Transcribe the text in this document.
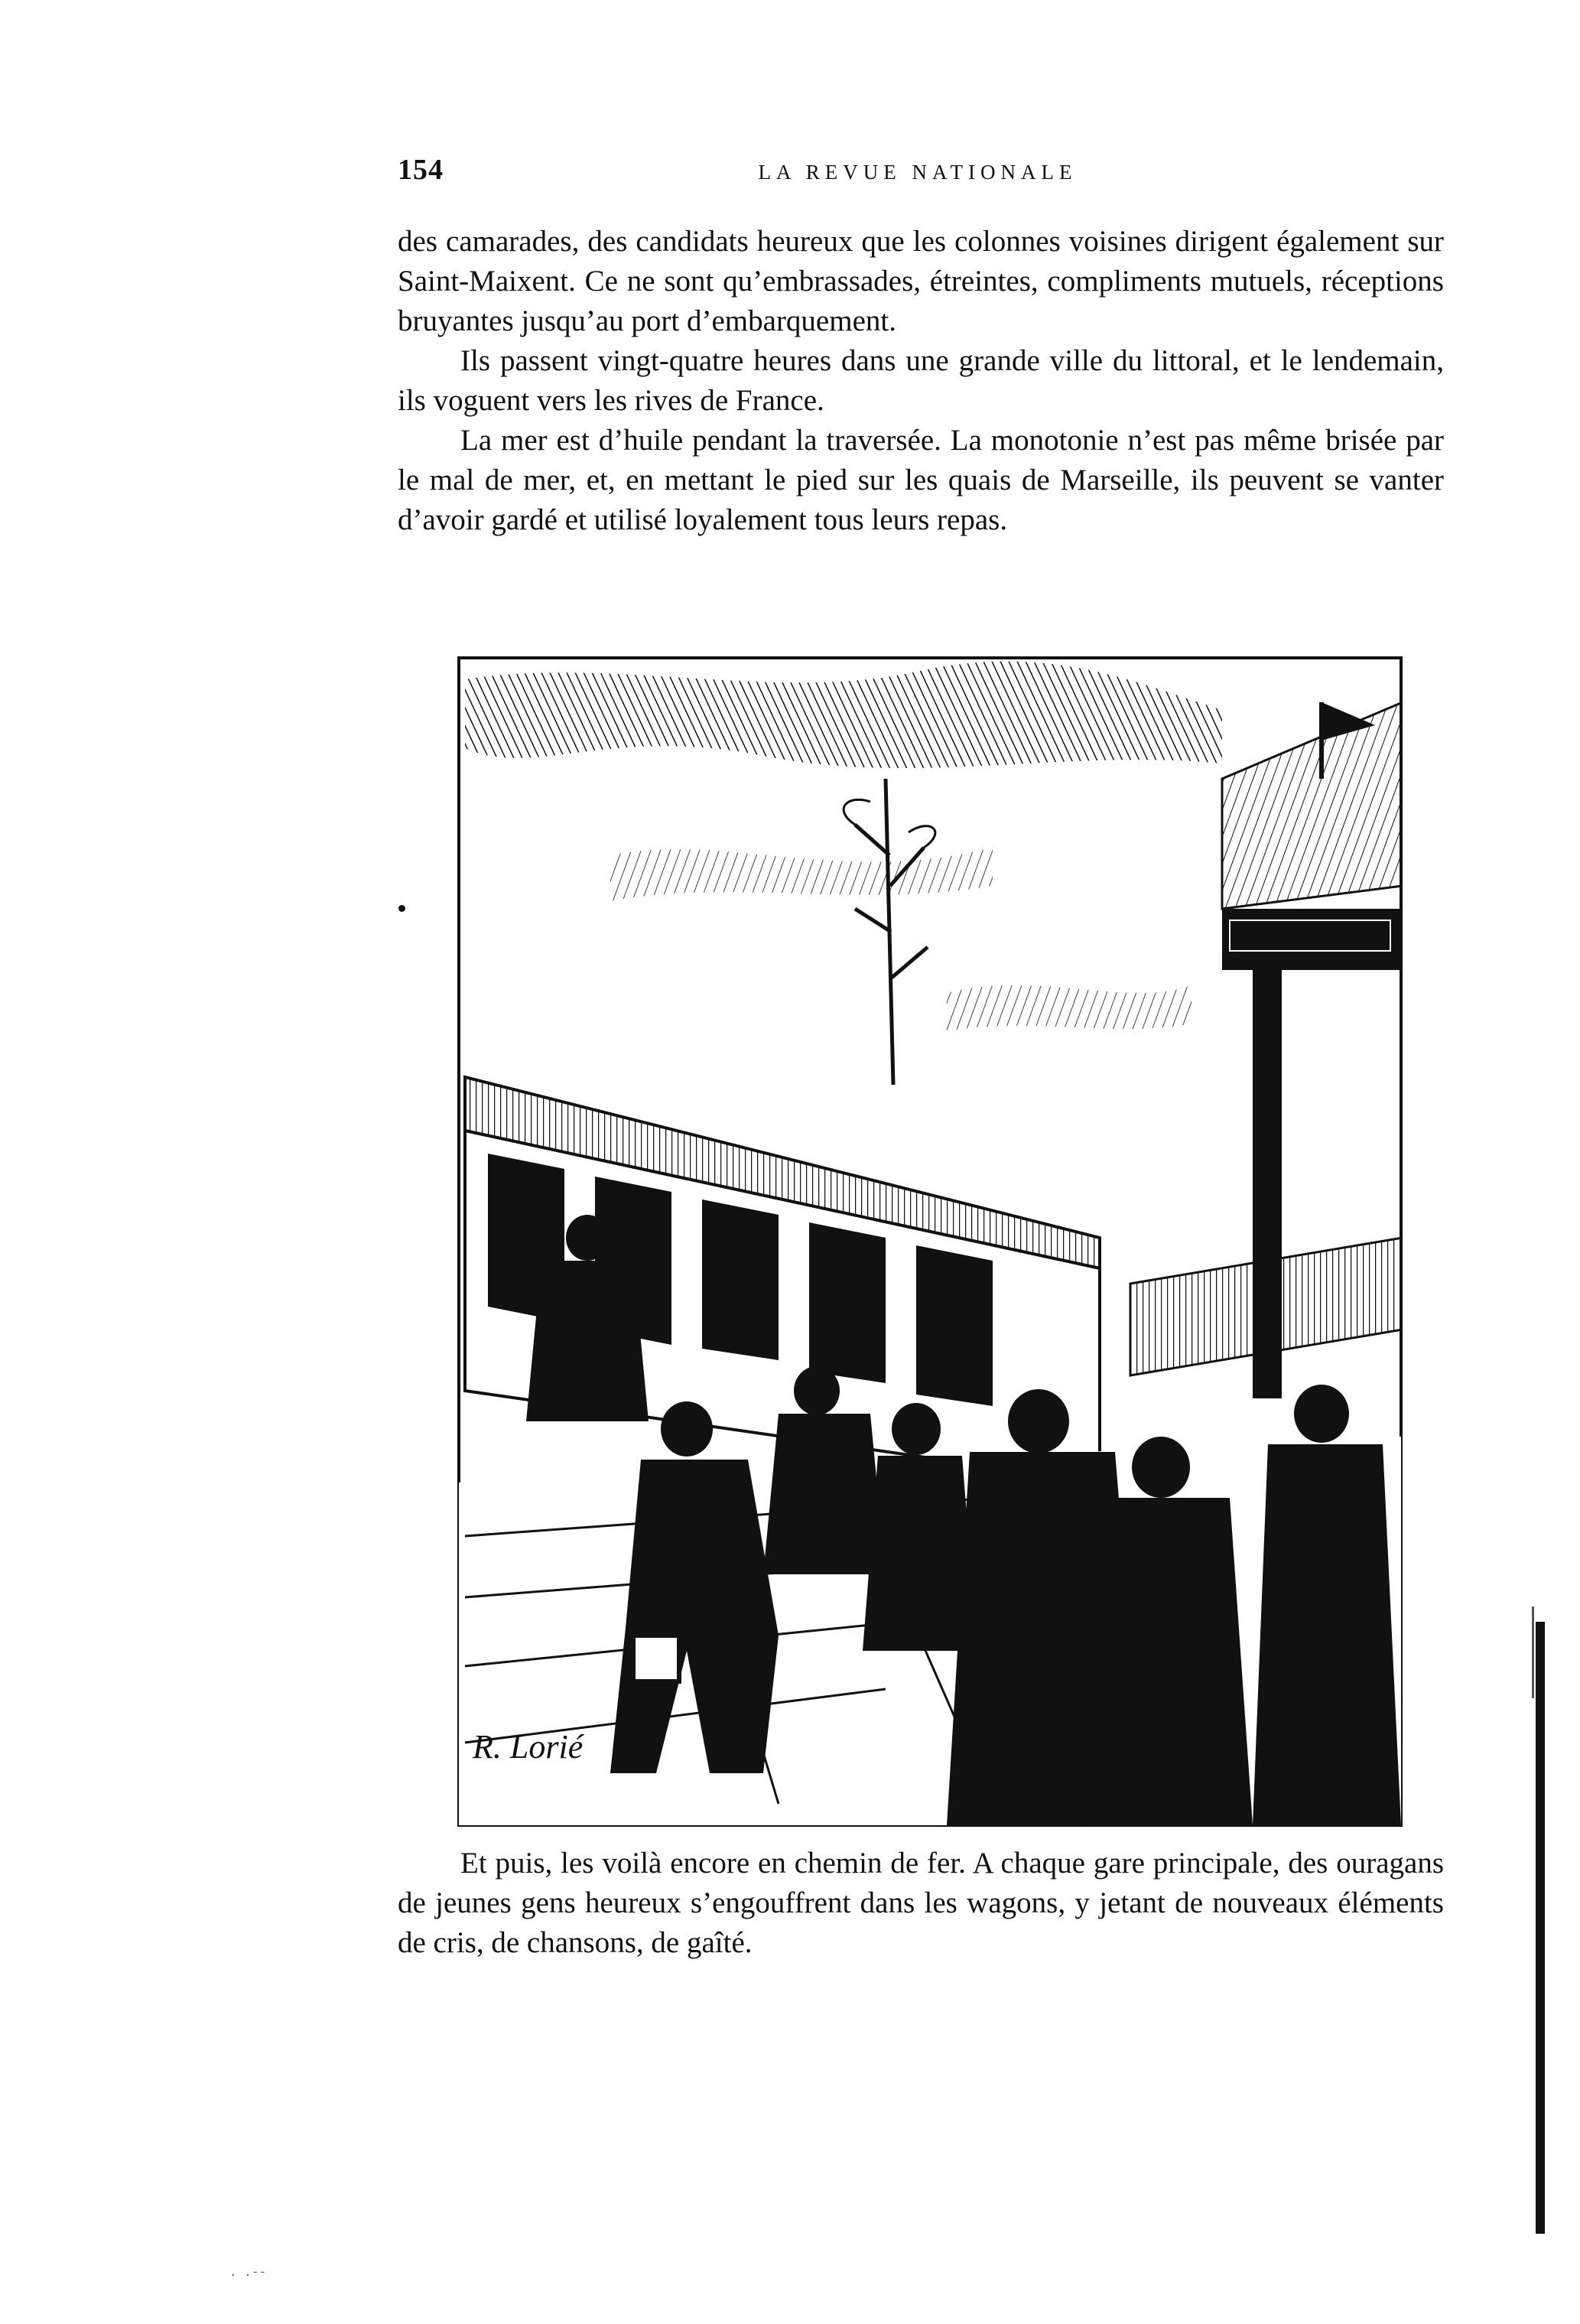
154	LA REVUE NATIONALE

des camarades, des candidats heureux que les colonnes voisines dirigent également sur Saint-Maixent. Ce ne sont qu’embrassades, étreintes, compliments mutuels, réceptions bruyantes jusqu’au port d’embarquement.

Ils passent vingt-quatre heures dans une grande ville du littoral, et le lendemain, ils voguent vers les rives de France.

La mer est d’huile pendant la traversée. La monotonie n’est pas même brisée par le mal de mer, et, en mettant le pied sur les quais de Marseille, ils peuvent se vanter d’avoir gardé et utilisé loyalement tous leurs repas.

R. Lorié

Et puis, les voilà encore en chemin de fer. A chaque gare principale, des ouragans de jeunes gens heureux s’engouffrent dans les wagons, y jetant de nouveaux éléments de cris, de chansons, de gaîté.

. .--
